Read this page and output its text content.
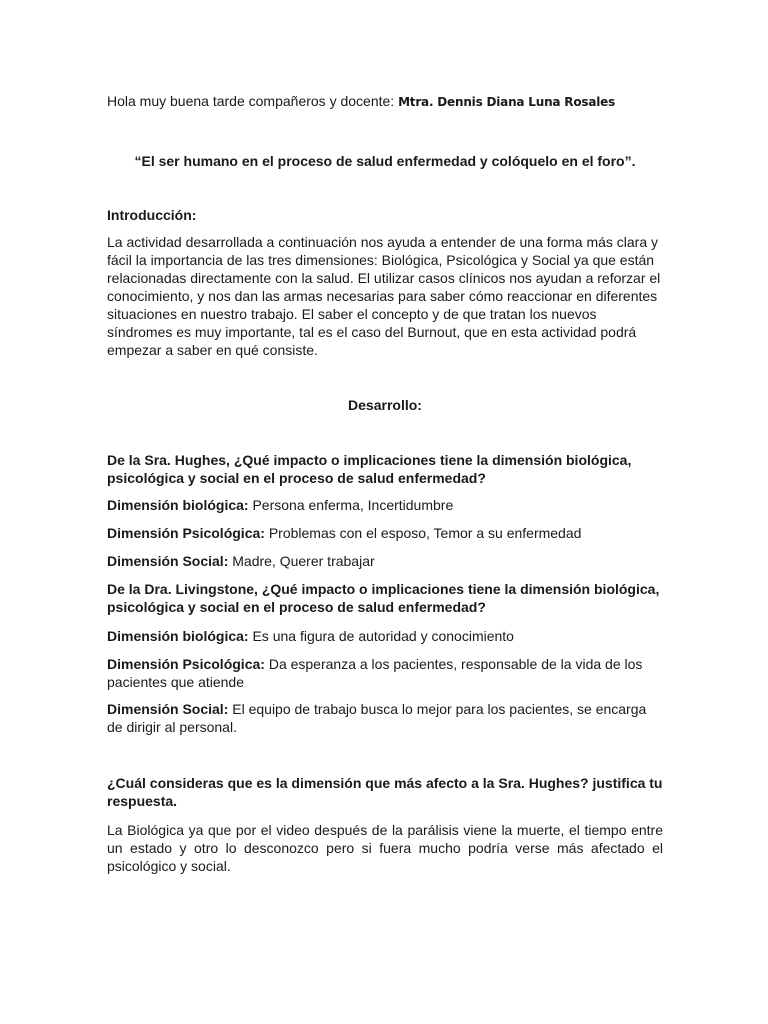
Hola muy buena tarde compañeros y docente: Mtra. Dennis Diana Luna Rosales

“El ser humano en el proceso de salud enfermedad y colóquelo en el foro”.

Introducción:

La actividad desarrollada a continuación nos ayuda a entender de una forma más clara y fácil la importancia de las tres dimensiones: Biológica, Psicológica y Social ya que están relacionadas directamente con la salud. El utilizar casos clínicos nos ayudan a reforzar el conocimiento, y nos dan las armas necesarias para saber cómo reaccionar en diferentes situaciones en nuestro trabajo. El saber el concepto y de que tratan los nuevos síndromes es muy importante, tal es el caso del Burnout, que en esta actividad podrá empezar a saber en qué consiste.

Desarrollo:

De la Sra. Hughes, ¿Qué impacto o implicaciones tiene la dimensión biológica, psicológica y social en el proceso de salud enfermedad?

Dimensión biológica: Persona enferma, Incertidumbre

Dimensión Psicológica: Problemas con el esposo, Temor a su enfermedad

Dimensión Social: Madre, Querer trabajar

De la Dra. Livingstone, ¿Qué impacto o implicaciones tiene la dimensión biológica, psicológica y social en el proceso de salud enfermedad?

Dimensión biológica: Es una figura de autoridad y conocimiento

Dimensión Psicológica: Da esperanza a los pacientes, responsable de la vida de los pacientes que atiende

Dimensión Social: El equipo de trabajo busca lo mejor para los pacientes, se encarga de dirigir al personal.

¿Cuál consideras que es la dimensión que más afecto a la Sra. Hughes? justifica tu respuesta.

La Biológica ya que por el video después de la parálisis viene la muerte, el tiempo entre un estado y otro lo desconozco pero si fuera mucho podría verse más afectado el psicológico y social.
